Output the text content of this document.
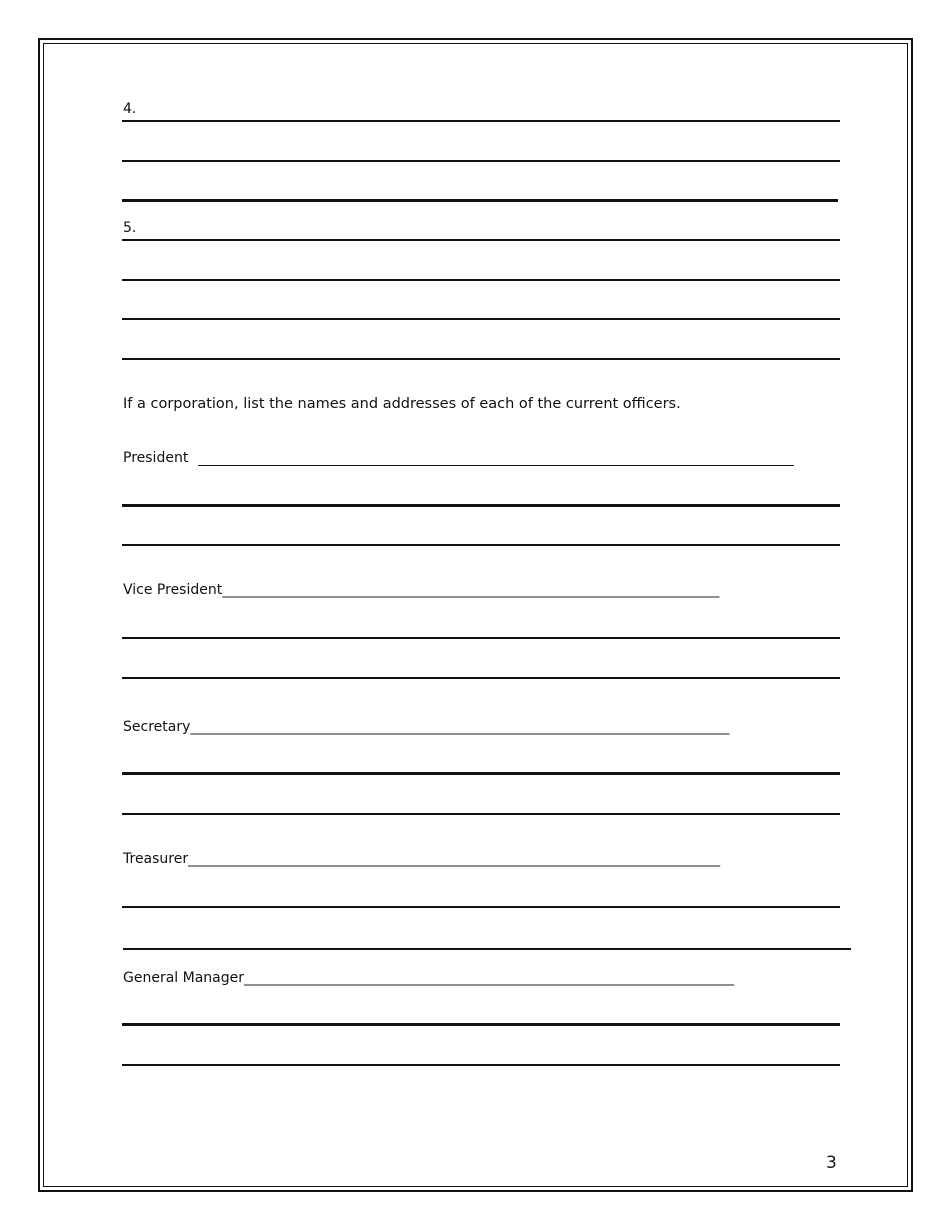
4.
5.
If a corporation, list the names and addresses of each of the current officers.
President
Vice President_______________________________________________________________________
Secretary_____________________________________________________________________________
Treasurer____________________________________________________________________________
General Manager______________________________________________________________________
3
